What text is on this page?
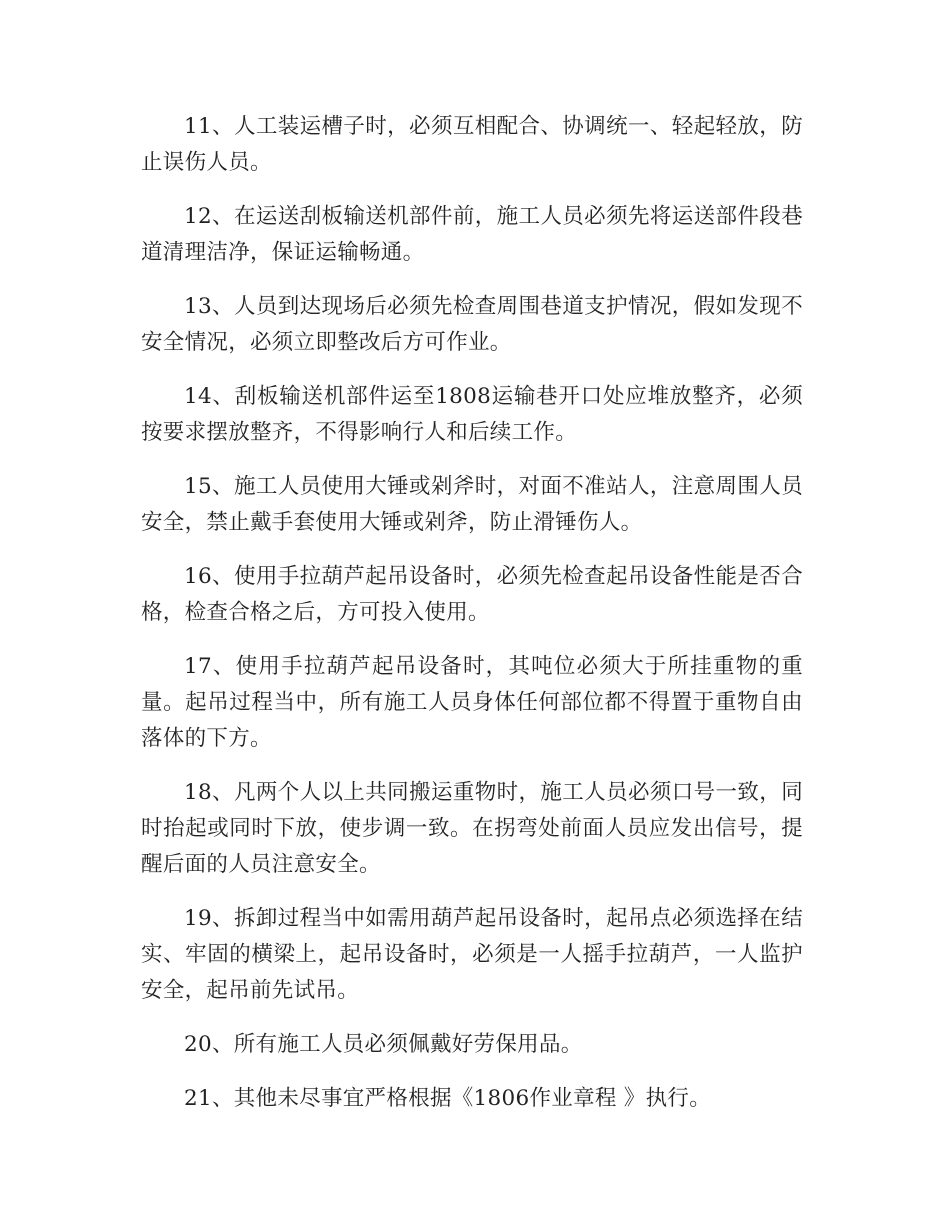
11、人工装运槽子时，必须互相配合、协调统一、轻起轻放，防止误伤人员。

12、在运送刮板输送机部件前，施工人员必须先将运送部件段巷道清理洁净，保证运输畅通。

13、人员到达现场后必须先检查周围巷道支护情况，假如发现不安全情况，必须立即整改后方可作业。

14、刮板输送机部件运至1808运输巷开口处应堆放整齐，必须按要求摆放整齐，不得影响行人和后续工作。

15、施工人员使用大锤或剁斧时，对面不准站人，注意周围人员安全，禁止戴手套使用大锤或剁斧，防止滑锤伤人。

16、使用手拉葫芦起吊设备时，必须先检查起吊设备性能是否合格，检查合格之后，方可投入使用。

17、使用手拉葫芦起吊设备时，其吨位必须大于所挂重物的重量。起吊过程当中，所有施工人员身体任何部位都不得置于重物自由落体的下方。

18、凡两个人以上共同搬运重物时，施工人员必须口号一致，同时抬起或同时下放，使步调一致。在拐弯处前面人员应发出信号，提醒后面的人员注意安全。

19、拆卸过程当中如需用葫芦起吊设备时，起吊点必须选择在结实、牢固的横梁上，起吊设备时，必须是一人摇手拉葫芦，一人监护安全，起吊前先试吊。

20、所有施工人员必须佩戴好劳保用品。

21、其他未尽事宜严格根据《1806作业章程 》执行。
